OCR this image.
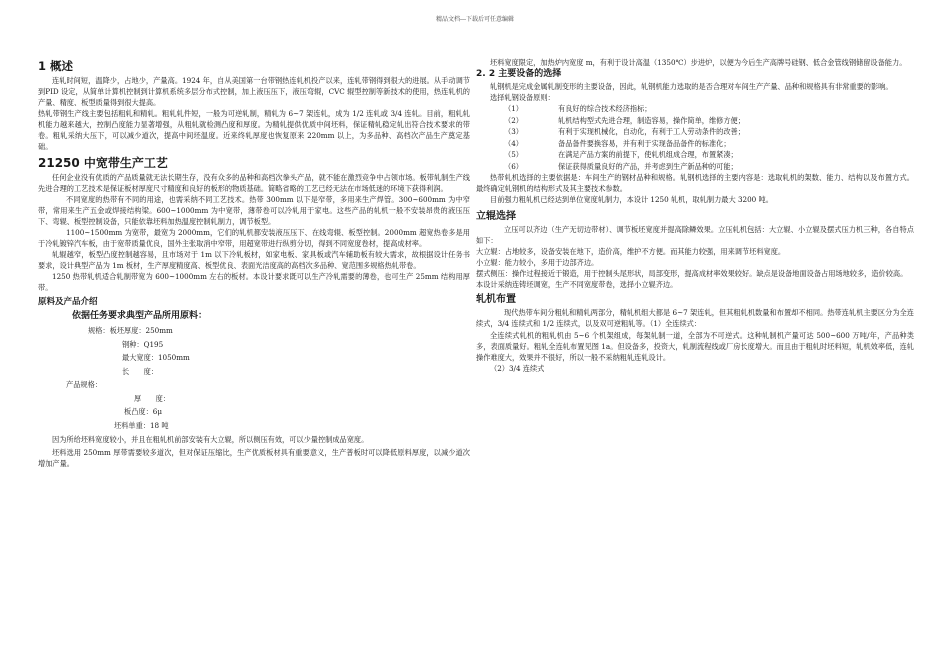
精品文档---下载后可任意编辑
1 概述

连轧时间短，温降少，占地少，产量高。1924 年，自从美国第一台带钢热连轧机投产以来，连轧带钢得到很大的进展。从手动调节到PID 设定，从简单计算机控制到计算机系统多层分布式控制，加上液压压下，液压弯辊，CVC 辊型控制等新技术的使用，热连轧机的产量、精度、板型质量得到很大提高。

热轧带钢生产线主要包括粗轧和精轧。粗轧轧件短，一般为可逆轧制，精轧为 6~7 架连轧，成为 1/2 连轧或 3/4 连轧。目前，粗轧轧机能力越来越大，控制凸度能力显著增强，从粗轧就检测凸度和厚度。为精轧提供优质中间坯料，保证精轧稳定轧出符合技术要求的带卷。粗轧采纳大压下，可以减少道次，提高中间坯温度。近来终轧厚度也恢复原来 220mm 以上，为多品种、高档次产品生产奠定基础。

21250 中宽带生产工艺

任何企业没有优质的产品质量就无法长期生存，没有众多的品种和高档次拳头产品，就不能在激烈竞争中占领市场。板带轧制生产线先进合理的工艺技术是保证板材厚度尺寸精度和良好的板形的物质基础。简略省略的工艺已经无法在市场低迷的环境下获得利润。

不同宽度的热带有不同的用途，也需采纳不同工艺技术。热带 300mm 以下是窄带，多用来生产焊管。300~600mm 为中窄带，常用来生产五金或焊接结构梁。600~1000mm 为中宽带，薄带卷可以冷轧用于家电。这些产品的轧机一般不安装昂贵的液压压下、弯辊、板型控制设备，只能依靠坯料加热温度控制轧制力，调节板型。

1100~1500mm 为宽带，最宽为 2000mm，它们的轧机都安装液压压下、在线弯辊、板型控制。2000mm 超宽热卷多是用于冷轧镀锌汽车板，由于宽带质量优良，国外主张取消中窄带，用超宽带进行纵剪分切，得到不同宽度卷材，提高成材率。

轧辊越窄，板型凸度控制越容易，且市场对于 1m 以下冷轧板材，如家电板、家具板或汽车辅助板有较大需求，故根据设计任务书要求，设计典型产品为 1m 板材，生产厚度精度高、板型优良、表面光洁度高的高档次多品种、宽范围多规格热轧带卷。

1250 热带轧机适合轧制带宽为 600~1000mm 左右的板材。本设计要求既可以生产冷轧需要的薄卷，也可生产 25mm 结构用厚带。

原料及产品介绍
依据任务要求典型产品所用原料：

规格：板坯厚度：250mm

钢种：Q195

最大宽度：1050mm

长　　度：

产品规格：

厚　　度：

板凸度：6μ

坯料单重：18 吨

因为所给坯料宽度较小，并且在粗轧机前部安装有大立辊，所以侧压有效，可以少量控制成品宽度。

坯料选用 250mm 厚带需要较多道次，但对保证压缩比，生产优质板材具有重要意义，生产普板时可以降低原料厚度，以减少道次增加产量。

坯料宽度限定，加热炉内宽度 m，有利于设计高温（1350℃）步进炉，以便为今后生产高牌号硅钢、低合金管线钢储留设备能力。

2. 2 主要设备的选择

轧钢机是完成金属轧制变形的主要设备，因此，轧钢机能力选取的是否合理对车间生产产量、品种和规格具有非常重要的影响。

选择轧钢设备原则：

（1）	有良好的综合技术经济指标；

（2）	轧机结构型式先进合理，制造容易，操作简单，维修方便；

（3）	有利于实现机械化，自动化，有利于工人劳动条件的改善；

（4）	备品备件要换容易，并有利于实现备品备件的标准化；

（5）	在满足产品方案的前提下，使轧机组成合理，布置紧凑；

（6）	保证获得质量良好的产品，并考虑到生产新品种的可能；

热带轧机选择的主要依据是：车间生产的钢材品种和规格。轧钢机选择的主要内容是：选取轧机的架数、能力、结构以及布置方式。最终确定轧钢机的结构形式及其主要技术参数。

目前强力粗轧机已经达到单位宽度轧制力，本设计 1250 轧机，取轧制力最大 3200 吨。

立辊选择

立压可以齐边（生产无切边带材）、调节板坯宽度并提高除鳞效果。立压轧机包括：大立辊、小立辊及摆式压力机三种，各自特点如下：

大立辊：占地较多，设备安装在地下，造价高，维护不方便。而其能力较强，用来调节坯料宽度。

小立辊：能力较小，多用于边部齐边。

摆式侧压：操作过程接近于锻造，用于控制头尾形状，局部变形，提高成材率效果较好。缺点是设备地面设备占用场地较多，造价较高。

本设计采纳连铸坯调宽，生产不同宽度带卷，选择小立辊齐边。

轧机布置

现代热带车间分粗轧和精轧两部分，精轧机组大都是 6~7 架连轧，但其粗轧机数量和布置却不相同。热带连轧机主要区分为全连续式，3/4 连续式和 1/2 连续式，以及双可逆粗轧等。（1）全连续式：

全连续式轧机的粗轧机由 5~6 个机架组成，每架轧制一道，全部为不可逆式。这种轧制机产量可达 500~600 万吨/年，产品种类多，表面质量好。粗轧全连轧布置见图 1a。但设备多，投资大，轧制流程线或厂房长度增大。而且由于粗轧时坯料短，轧机效率低，连轧操作难度大，效果并不很好，所以一般不采纳粗轧连轧设计。

（2）3/4 连续式
